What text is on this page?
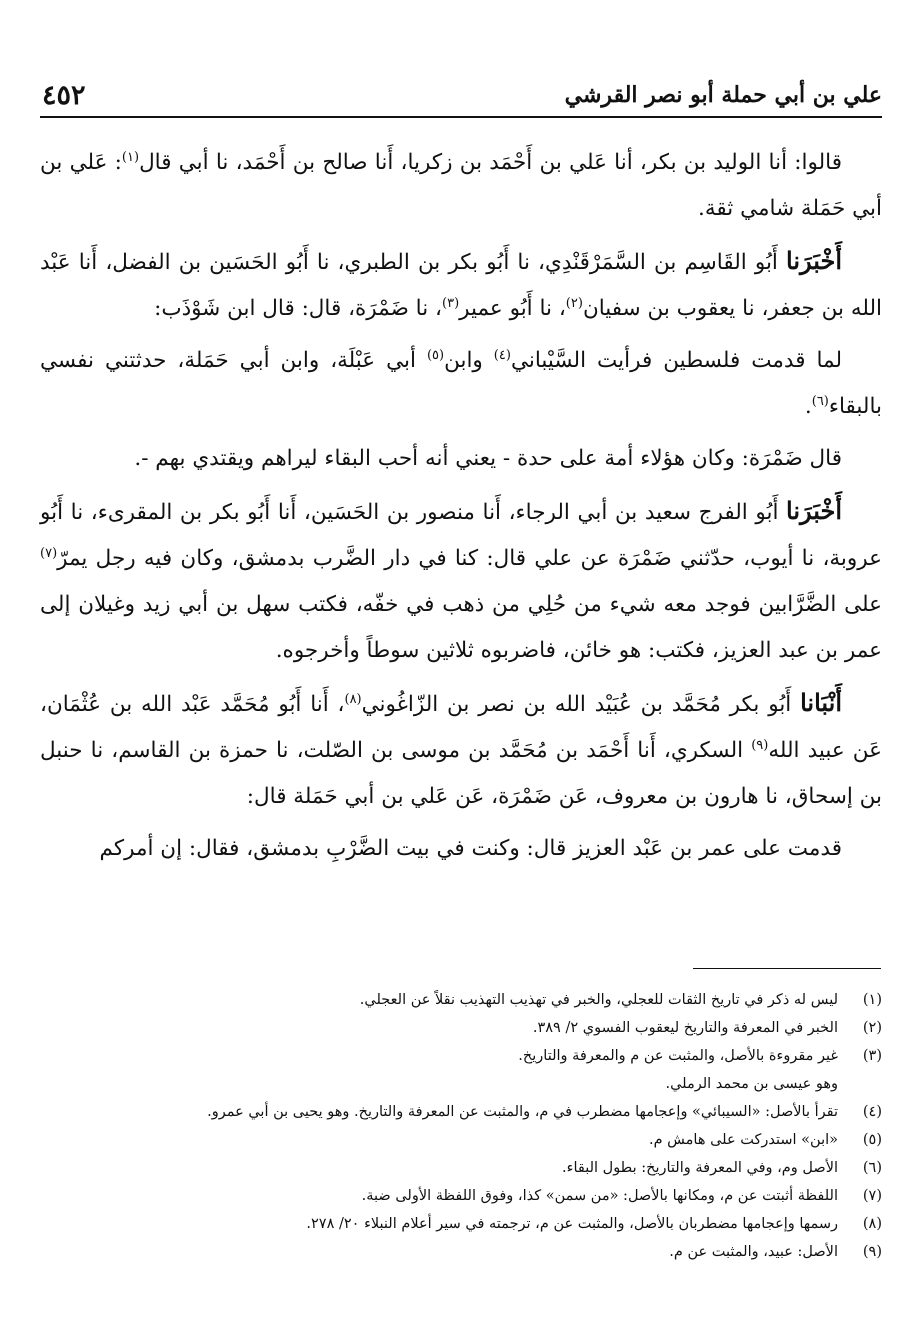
علي بن أبي حملة أبو نصر القرشي
٤٥٢

قالوا: أنا الوليد بن بكر، أنا عَلي بن أَحْمَد بن زكريا، أَنا صالح بن أَحْمَد، نا أبي قال$^{(١)}$: عَلي بن أبي حَمَلة شامي ثقة.

أَخْبَرَنا أَبُو القَاسِم بن السَّمَرْقَنْدِي، نا أَبُو بكر بن الطبري، نا أَبُو الحَسَين بن الفضل، أَنا عَبْد الله بن جعفر، نا يعقوب بن سفيان$^{(٢)}$، نا أَبُو عمير$^{(٣)}$، نا ضَمْرَة، قال: قال ابن شَوْذَب:

لما قدمت فلسطين فرأيت السَّيْباني$^{(٤)}$ وابن$^{(٥)}$ أبي عَبْلَة، وابن أبي حَمَلة، حدثتني نفسي بالبقاء$^{(٦)}$.

قال ضَمْرَة: وكان هؤلاء أمة على حدة - يعني أنه أحب البقاء ليراهم ويقتدي بهم -.

أَخْبَرَنا أَبُو الفرج سعيد بن أبي الرجاء، أَنا منصور بن الحَسَين، أَنا أَبُو بكر بن المقرىء، نا أَبُو عروبة، نا أيوب، حدّثني ضَمْرَة عن علي قال: كنا في دار الضَّرب بدمشق، وكان فيه رجل يمرّ$^{(٧)}$ على الضَّرَّابين فوجد معه شيء من حُلِي من ذهب في خفّه، فكتب سهل بن أبي زيد وغيلان إلى عمر بن عبد العزيز، فكتب: هو خائن، فاضربوه ثلاثين سوطاً وأخرجوه.

أَنْبَانا أَبُو بكر مُحَمَّد بن عُبَيْد الله بن نصر بن الزّاغُوني$^{(٨)}$، أَنا أَبُو مُحَمَّد عَبْد الله بن عُثْمَان، عَن عبيد الله$^{(٩)}$ السكري، أَنا أَحْمَد بن مُحَمَّد بن موسى بن الصّلت، نا حمزة بن القاسم، نا حنبل بن إسحاق، نا هارون بن معروف، عَن ضَمْرَة، عَن عَلي بن أبي حَمَلة قال:

قدمت على عمر بن عَبْد العزيز قال: وكنت في بيت الضَّرْبِ بدمشق، فقال: إن أمركم

(١)
ليس له ذكر في تاريخ الثقات للعجلي، والخبر في تهذيب التهذيب نقلاً عن العجلي.
(٢)
الخبر في المعرفة والتاريخ ليعقوب الفسوي ٢/ ٣٨٩.
(٣)
غير مقروءة بالأصل، والمثبت عن م والمعرفة والتاريخ.
وهو عيسى بن محمد الرملي.
(٤)
تقرأ بالأصل: «السيبائي» وإعجامها مضطرب في م، والمثبت عن المعرفة والتاريخ. وهو يحيى بن أبي عمرو.
(٥)
«ابن» استدركت على هامش م.
(٦)
الأصل وم، وفي المعرفة والتاريخ: بطول البقاء.
(٧)
اللفظة أثبتت عن م، ومكانها بالأصل: «من سمن» كذا، وفوق اللفظة الأولى ضبة.
(٨)
رسمها وإعجامها مضطربان بالأصل، والمثبت عن م، ترجمته في سير أعلام النبلاء ٢٠/ ٢٧٨.
(٩)
الأصل: عبيد، والمثبت عن م.
